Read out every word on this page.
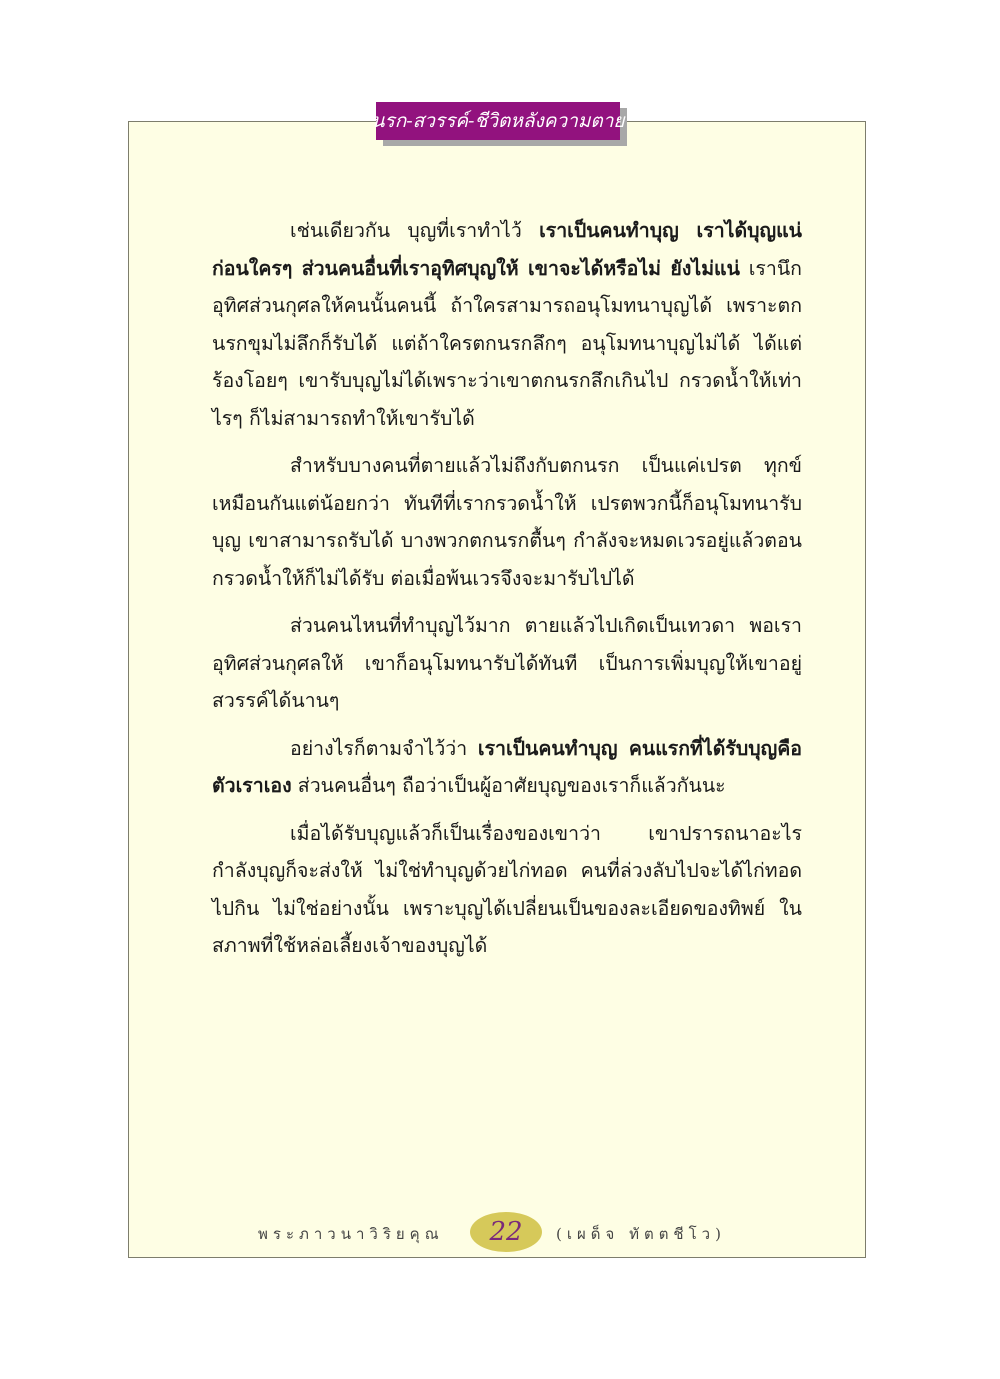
นรก-สวรรค์-ชีวิตหลังความตาย

เช่นเดียวกัน บุญที่เราทำไว้ เราเป็นคนทำบุญ เราได้บุญแน่ก่อนใครๆ ส่วนคนอื่นที่เราอุทิศบุญให้ เขาจะได้หรือไม่ ยังไม่แน่ เรานึกอุทิศส่วนกุศลให้คนนั้นคนนี้ ถ้าใครสามารถอนุโมทนาบุญได้ เพราะตกนรกขุมไม่ลึกก็รับได้ แต่ถ้าใครตกนรกลึกๆ อนุโมทนาบุญไม่ได้ ได้แต่ร้องโอยๆ เขารับบุญไม่ได้เพราะว่าเขาตกนรกลึกเกินไป กรวดน้ำให้เท่าไรๆ ก็ไม่สามารถทำให้เขารับได้

สำหรับบางคนที่ตายแล้วไม่ถึงกับตกนรก เป็นแค่เปรต ทุกข์เหมือนกันแต่น้อยกว่า ทันทีที่เรากรวดน้ำให้ เปรตพวกนี้ก็อนุโมทนารับบุญ เขาสามารถรับได้ บางพวกตกนรกตื้นๆ กำลังจะหมดเวรอยู่แล้วตอนกรวดน้ำให้ก็ไม่ได้รับ ต่อเมื่อพ้นเวรจึงจะมารับไปได้

ส่วนคนไหนที่ทำบุญไว้มาก ตายแล้วไปเกิดเป็นเทวดา พอเราอุทิศส่วนกุศลให้ เขาก็อนุโมทนารับได้ทันที เป็นการเพิ่มบุญให้เขาอยู่สวรรค์ได้นานๆ

อย่างไรก็ตามจำไว้ว่า เราเป็นคนทำบุญ คนแรกที่ได้รับบุญคือตัวเราเอง ส่วนคนอื่นๆ ถือว่าเป็นผู้อาศัยบุญของเราก็แล้วกันนะ

เมื่อได้รับบุญแล้วก็เป็นเรื่องของเขาว่า เขาปรารถนาอะไร กำลังบุญก็จะส่งให้ ไม่ใช่ทำบุญด้วยไก่ทอด คนที่ล่วงลับไปจะได้ไก่ทอดไปกิน ไม่ใช่อย่างนั้น เพราะบุญได้เปลี่ยนเป็นของละเอียดของทิพย์ ในสภาพที่ใช้หล่อเลี้ยงเจ้าของบุญได้

พระภาวนาวิริยคุณ	22	(เผด็จ ทัตตชีโว)
